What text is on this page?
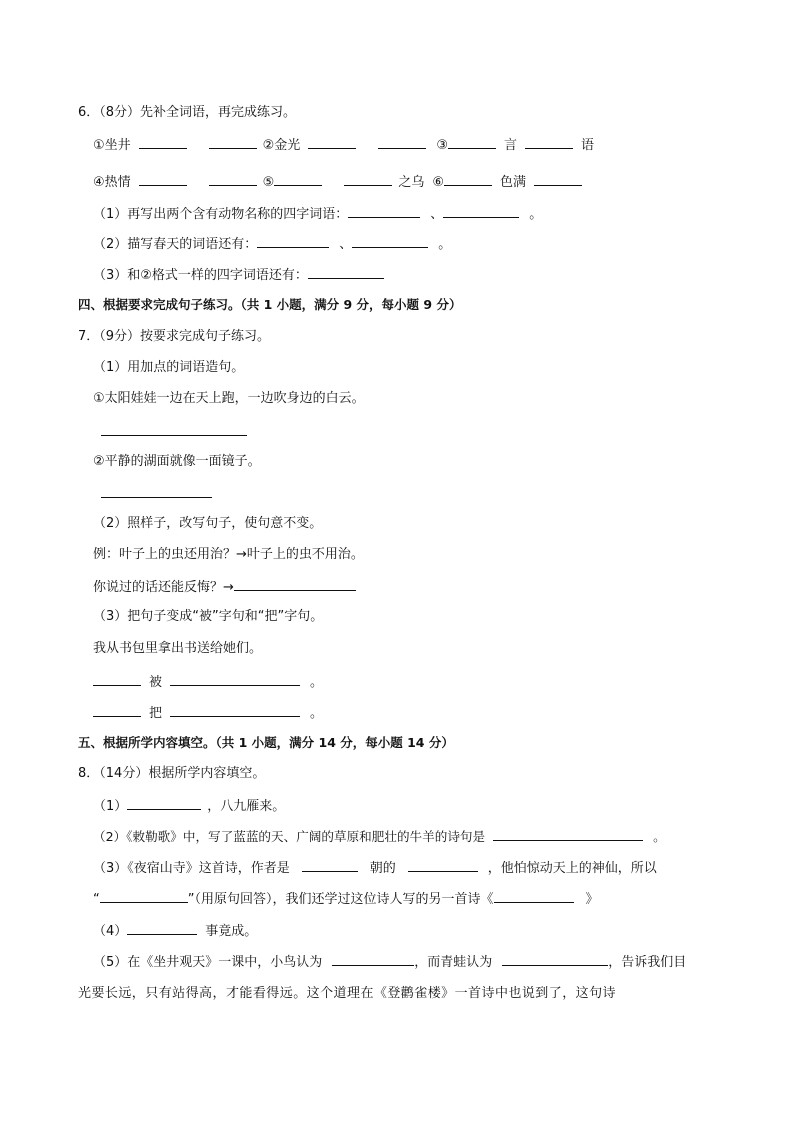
6．（8分）先补全词语，再完成练习。
①坐井	②金光	③	言	语
④热情	⑤	之乌 ⑥	色满
（1）再写出两个含有动物名称的四字词语：	、	。
（2）描写春天的词语还有：	、	。
（3）和②格式一样的四字词语还有：
四、根据要求完成句子练习。（共 1 小题，满分 9 分，每小题 9 分）
7．（9分）按要求完成句子练习。
（1）用加点的词语造句。
①太阳娃娃一边在天上跑，一边吹身边的白云。
②平静的湖面就像一面镜子。
（2）照样子，改写句子，使句意不变。
例：叶子上的虫还用治？→叶子上的虫不用治。
你说过的话还能反悔？→
（3）把句子变成“被”字句和“把”字句。
我从书包里拿出书送给她们。
被	。
把	。
五、根据所学内容填空。（共 1 小题，满分 14 分，每小题 14 分）
8．（14分）根据所学内容填空。
（1）	，八九雁来。
（2）《敕勒歌》中，写了蓝蓝的天、广阔的草原和肥壮的牛羊的诗句是	。
（3）《夜宿山寺》这首诗，作者是	朝的	，他怕惊动天上的神仙，所以
“	”（用原句回答），我们还学过这位诗人写的另一首诗《	》
（4）	事竟成。
（5）在《坐井观天》一课中，小鸟认为	，而青蛙认为	，告诉我们目
光要长远，只有站得高，才能看得远。这个道理在《登鹳雀楼》一首诗中也说到了，这句诗
